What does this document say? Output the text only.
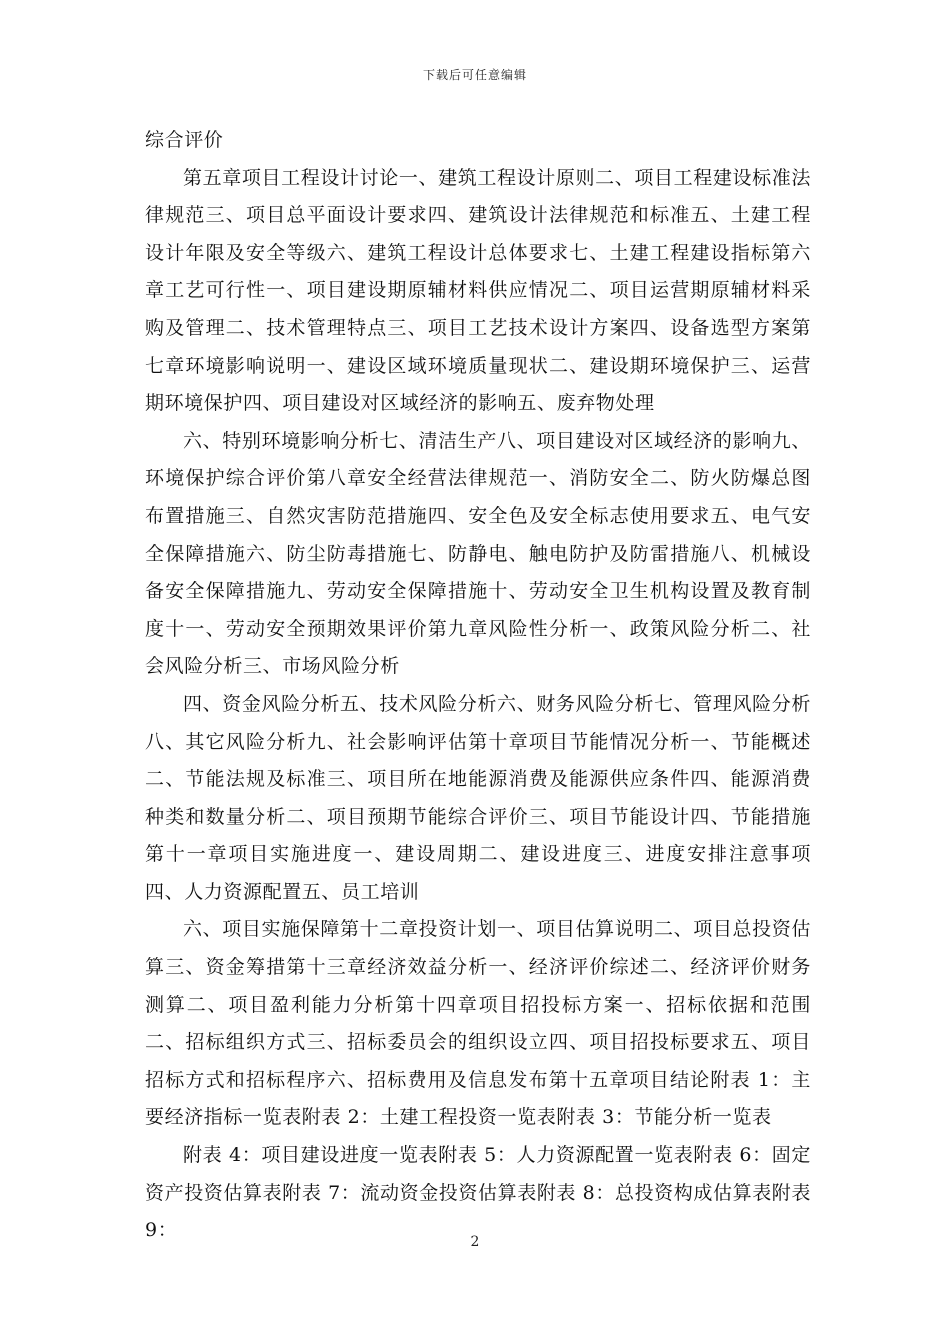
下载后可任意编辑

综合评价

第五章项目工程设计讨论一、建筑工程设计原则二、项目工程建设标准法律规范三、项目总平面设计要求四、建筑设计法律规范和标准五、土建工程设计年限及安全等级六、建筑工程设计总体要求七、土建工程建设指标第六章工艺可行性一、项目建设期原辅材料供应情况二、项目运营期原辅材料采购及管理二、技术管理特点三、项目工艺技术设计方案四、设备选型方案第七章环境影响说明一、建设区域环境质量现状二、建设期环境保护三、运营期环境保护四、项目建设对区域经济的影响五、废弃物处理

六、特别环境影响分析七、清洁生产八、项目建设对区域经济的影响九、环境保护综合评价第八章安全经营法律规范一、消防安全二、防火防爆总图布置措施三、自然灾害防范措施四、安全色及安全标志使用要求五、电气安全保障措施六、防尘防毒措施七、防静电、触电防护及防雷措施八、机械设备安全保障措施九、劳动安全保障措施十、劳动安全卫生机构设置及教育制度十一、劳动安全预期效果评价第九章风险性分析一、政策风险分析二、社会风险分析三、市场风险分析

四、资金风险分析五、技术风险分析六、财务风险分析七、管理风险分析八、其它风险分析九、社会影响评估第十章项目节能情况分析一、节能概述二、节能法规及标准三、项目所在地能源消费及能源供应条件四、能源消费种类和数量分析二、项目预期节能综合评价三、项目节能设计四、节能措施第十一章项目实施进度一、建设周期二、建设进度三、进度安排注意事项四、人力资源配置五、员工培训

六、项目实施保障第十二章投资计划一、项目估算说明二、项目总投资估算三、资金筹措第十三章经济效益分析一、经济评价综述二、经济评价财务测算二、项目盈利能力分析第十四章项目招投标方案一、招标依据和范围二、招标组织方式三、招标委员会的组织设立四、项目招投标要求五、项目招标方式和招标程序六、招标费用及信息发布第十五章项目结论附表 1：主要经济指标一览表附表 2：土建工程投资一览表附表 3：节能分析一览表

附表 4：项目建设进度一览表附表 5：人力资源配置一览表附表 6：固定资产投资估算表附表 7：流动资金投资估算表附表 8：总投资构成估算表附表 9：

2
